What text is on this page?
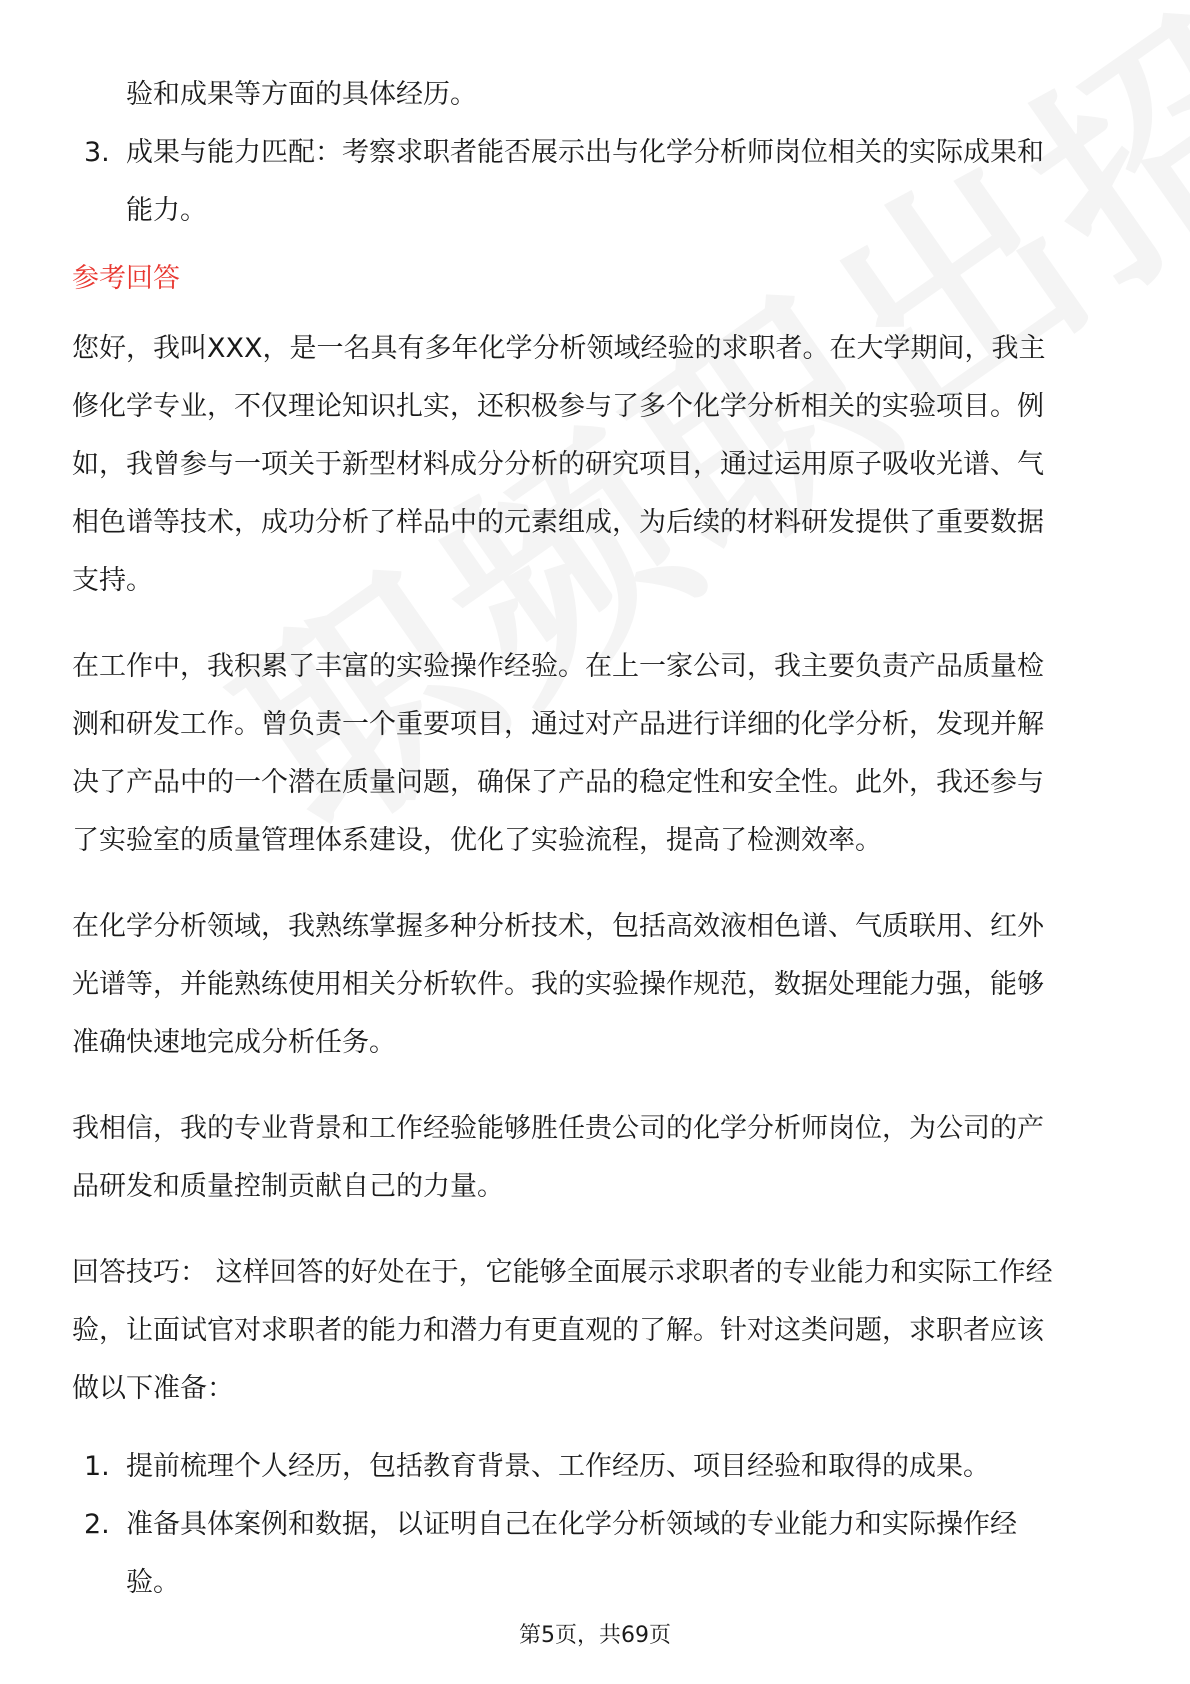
验和成果等方面的具体经历。
3. 成果与能力匹配：考察求职者能否展示出与化学分析师岗位相关的实际成果和
能力。
参考回答
您好，我叫XXX，是一名具有多年化学分析领域经验的求职者。在大学期间，我主
修化学专业，不仅理论知识扎实，还积极参与了多个化学分析相关的实验项目。例
如，我曾参与一项关于新型材料成分分析的研究项目，通过运用原子吸收光谱、气
相色谱等技术，成功分析了样品中的元素组成，为后续的材料研发提供了重要数据
支持。
在工作中，我积累了丰富的实验操作经验。在上一家公司，我主要负责产品质量检
测和研发工作。曾负责一个重要项目，通过对产品进行详细的化学分析，发现并解
决了产品中的一个潜在质量问题，确保了产品的稳定性和安全性。此外，我还参与
了实验室的质量管理体系建设，优化了实验流程，提高了检测效率。
在化学分析领域，我熟练掌握多种分析技术，包括高效液相色谱、气质联用、红外
光谱等，并能熟练使用相关分析软件。我的实验操作规范，数据处理能力强，能够
准确快速地完成分析任务。
我相信，我的专业背景和工作经验能够胜任贵公司的化学分析师岗位，为公司的产
品研发和质量控制贡献自己的力量。
回答技巧： 这样回答的好处在于，它能够全面展示求职者的专业能力和实际工作经
验，让面试官对求职者的能力和潜力有更直观的了解。针对这类问题，求职者应该
做以下准备：
1. 提前梳理个人经历，包括教育背景、工作经历、项目经验和取得的成果。
2. 准备具体案例和数据，以证明自己在化学分析领域的专业能力和实际操作经
验。
第5页，共69页
